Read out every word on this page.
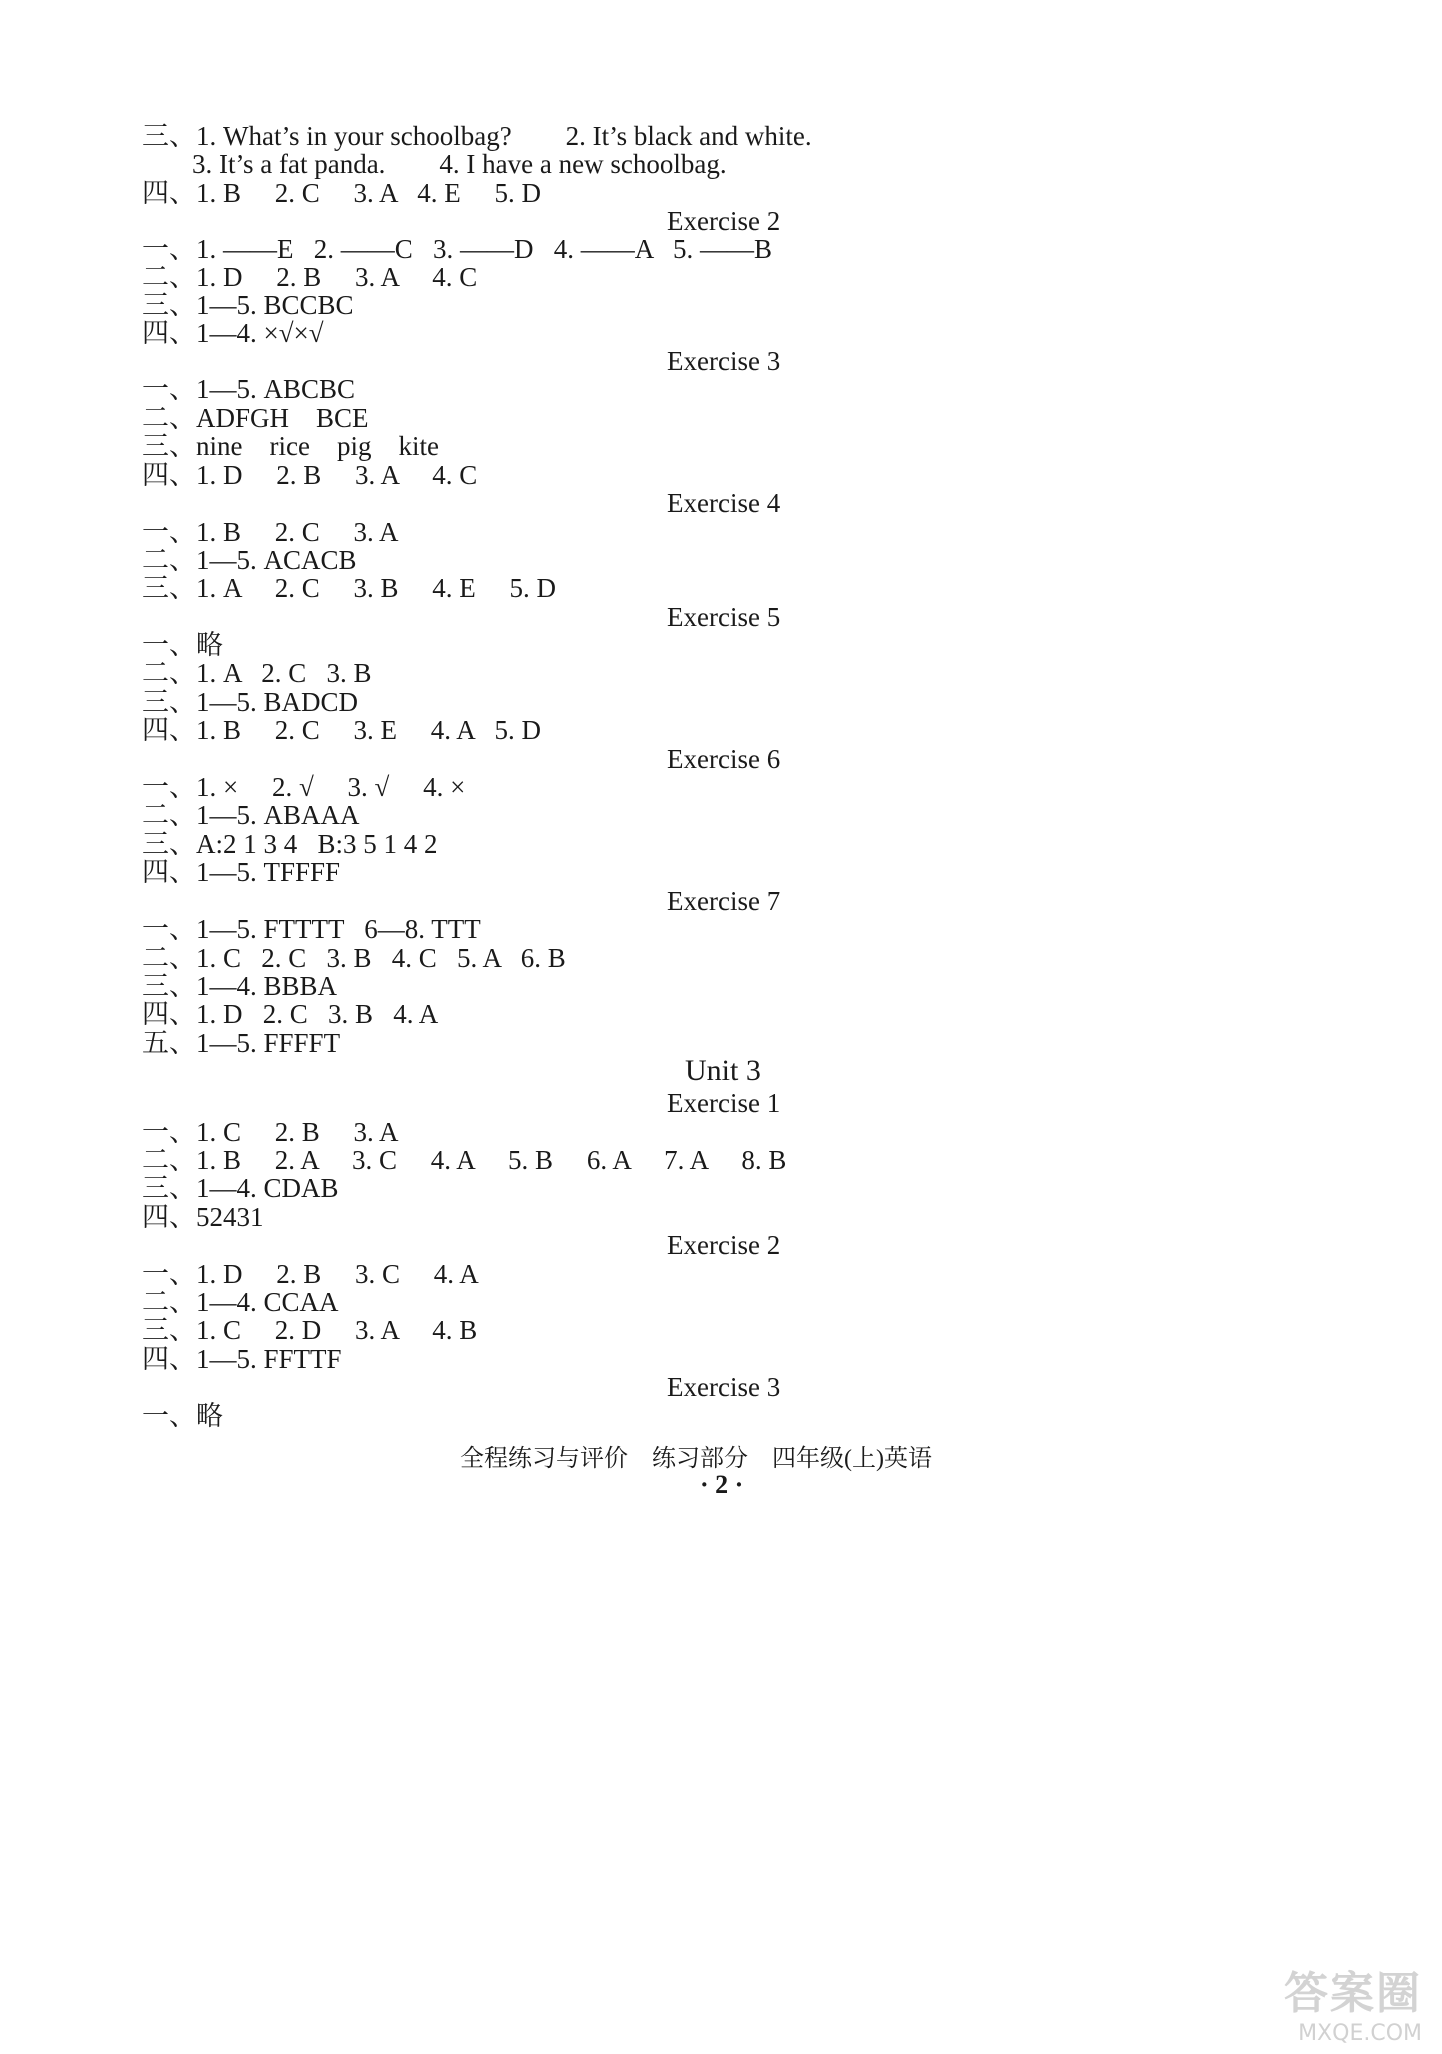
三、1. What’s in your schoolbag?        2. It’s black and white.
3. It’s a fat panda.        4. I have a new schoolbag.
四、1. B     2. C     3. A   4. E     5. D
Exercise 2
一、1. ——E   2. ——C   3. ——D   4. ——A   5. ——B
二、1. D     2. B     3. A     4. C
三、1—5. BCCBC
四、1—4. ×√×√
Exercise 3
一、1—5. ABCBC
二、ADFGH    BCE
三、nine    rice    pig    kite
四、1. D     2. B     3. A     4. C
Exercise 4
一、1. B     2. C     3. A
二、1—5. ACACB
三、1. A     2. C     3. B     4. E     5. D
Exercise 5
一、略
二、1. A   2. C   3. B
三、1—5. BADCD
四、1. B     2. C     3. E     4. A   5. D
Exercise 6
一、1. ×     2. √     3. √     4. ×
二、1—5. ABAAA
三、A:2 1 3 4   B:3 5 1 4 2
四、1—5. TFFFF
Exercise 7
一、1—5. FTTTT   6—8. TTT
二、1. C   2. C   3. B   4. C   5. A   6. B
三、1—4. BBBA
四、1. D   2. C   3. B   4. A
五、1—5. FFFFT
Unit 3
Exercise 1
一、1. C     2. B     3. A
二、1. B     2. A     3. C     4. A     5. B     6. A     7. A     8. B
三、1—4. CDAB
四、52431
Exercise 2
一、1. D     2. B     3. C     4. A
二、1—4. CCAA
三、1. C     2. D     3. A     4. B
四、1—5. FFTTF
Exercise 3
一、略
全程练习与评价    练习部分    四年级(上)英语
· 2 ·
答案圈
MXQE.COM
